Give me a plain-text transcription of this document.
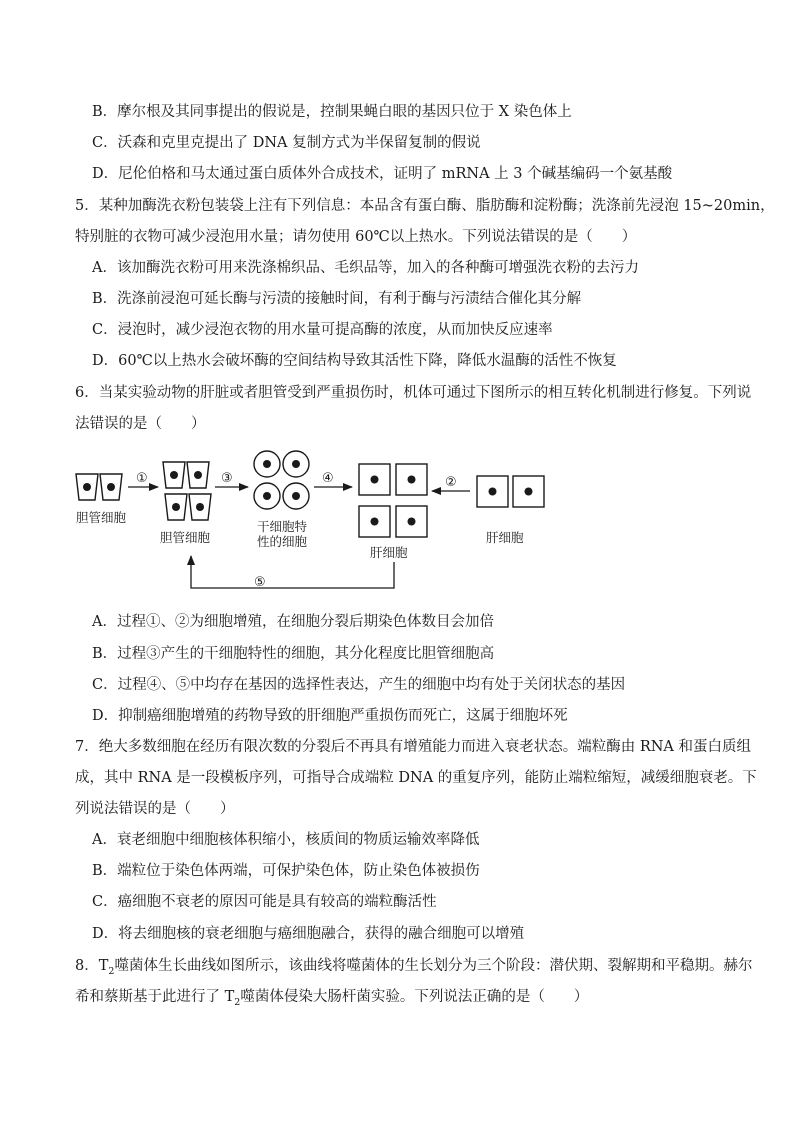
B．摩尔根及其同事提出的假说是，控制果蝇白眼的基因只位于 X 染色体上
C．沃森和克里克提出了 DNA 复制方式为半保留复制的假说
D．尼伦伯格和马太通过蛋白质体外合成技术，证明了 mRNA 上 3 个碱基编码一个氨基酸
5．某种加酶洗衣粉包装袋上注有下列信息：本品含有蛋白酶、脂肪酶和淀粉酶；洗涤前先浸泡 15~20min，
特别脏的衣物可减少浸泡用水量；请勿使用 60℃以上热水。下列说法错误的是（　　）
A．该加酶洗衣粉可用来洗涤棉织品、毛织品等，加入的各种酶可增强洗衣粉的去污力
B．洗涤前浸泡可延长酶与污渍的接触时间，有利于酶与污渍结合催化其分解
C．浸泡时，减少浸泡衣物的用水量可提高酶的浓度，从而加快反应速率
D．60℃以上热水会破坏酶的空间结构导致其活性下降，降低水温酶的活性不恢复
6．当某实验动物的肝脏或者胆管受到严重损伤时，机体可通过下图所示的相互转化机制进行修复。下列说
法错误的是（　　）
胆管细胞
①
胆管细胞
③
干细胞特
性的细胞
④
肝细胞
②
肝细胞
⑤
A．过程①、②为细胞增殖，在细胞分裂后期染色体数目会加倍
B．过程③产生的干细胞特性的细胞，其分化程度比胆管细胞高
C．过程④、⑤中均存在基因的选择性表达，产生的细胞中均有处于关闭状态的基因
D．抑制癌细胞增殖的药物导致的肝细胞严重损伤而死亡，这属于细胞坏死
7．绝大多数细胞在经历有限次数的分裂后不再具有增殖能力而进入衰老状态。端粒酶由 RNA 和蛋白质组
成，其中 RNA 是一段模板序列，可指导合成端粒 DNA 的重复序列，能防止端粒缩短，减缓细胞衰老。下
列说法错误的是（　　）
A．衰老细胞中细胞核体积缩小，核质间的物质运输效率降低
B．端粒位于染色体两端，可保护染色体，防止染色体被损伤
C．癌细胞不衰老的原因可能是具有较高的端粒酶活性
D．将去细胞核的衰老细胞与癌细胞融合，获得的融合细胞可以增殖
8．$T_2$噬菌体生长曲线如图所示，该曲线将噬菌体的生长划分为三个阶段：潜伏期、裂解期和平稳期。赫尔
希和蔡斯基于此进行了 $T_2$噬菌体侵染大肠杆菌实验。下列说法正确的是（　　）
